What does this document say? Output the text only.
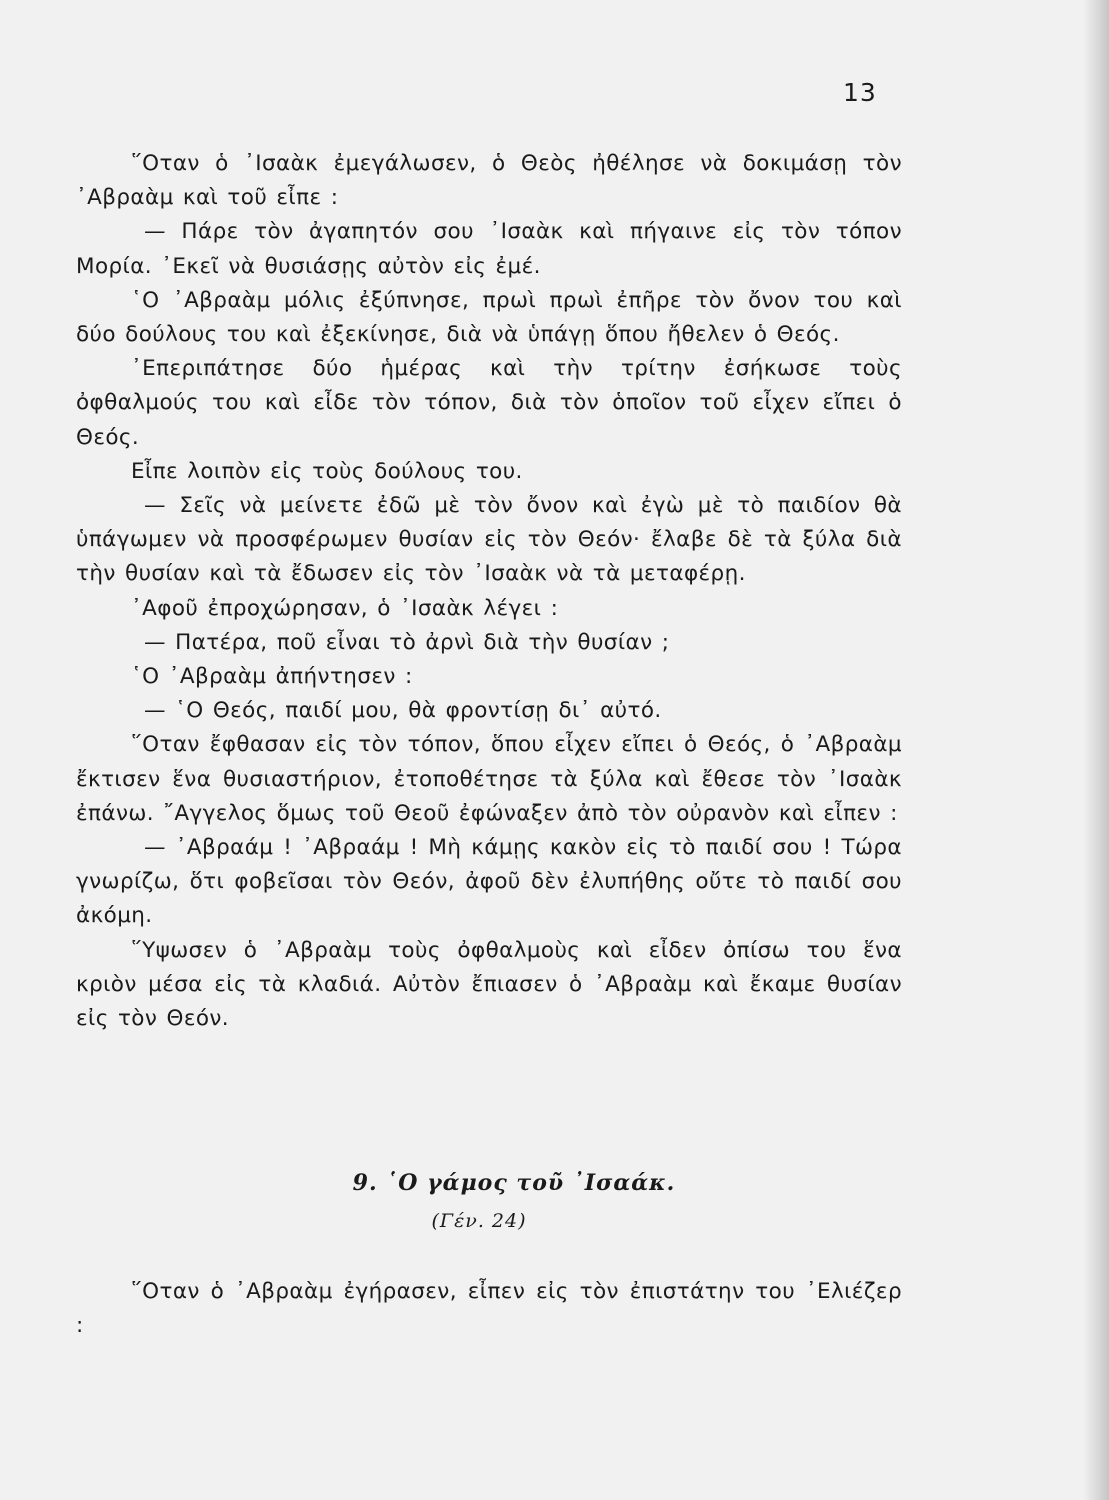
13

῞Οταν ὁ ᾿Ισαὰκ ἐμεγάλωσεν, ὁ Θεὸς ἠθέλησε νὰ δοκιμάσῃ τὸν ᾿Αβραὰμ καὶ τοῦ εἶπε :

— Πάρε τὸν ἀγαπητόν σου ᾿Ισαὰκ καὶ πήγαινε εἰς τὸν τόπον Μορία. ᾿Εκεῖ νὰ θυσιάσῃς αὐτὸν εἰς ἐμέ.

῾Ο ᾿Αβραὰμ μόλις ἐξύπνησε, πρωὶ πρωὶ ἐπῆρε τὸν ὄνον του καὶ δύο δούλους του καὶ ἐξεκίνησε, διὰ νὰ ὑπάγῃ ὅπου ἤθελεν ὁ Θεός.

᾿Επεριπάτησε δύο ἡμέρας καὶ τὴν τρίτην ἐσήκωσε τοὺς ὀφθαλμούς του καὶ εἶδε τὸν τόπον, διὰ τὸν ὁποῖον τοῦ εἶχεν εἴπει ὁ Θεός.

Εἶπε λοιπὸν εἰς τοὺς δούλους του.

— Σεῖς νὰ μείνετε ἐδῶ μὲ τὸν ὄνον καὶ ἐγὼ μὲ τὸ παιδίον θὰ ὑπάγωμεν νὰ προσφέρωμεν θυσίαν εἰς τὸν Θεόν· ἔλαβε δὲ τὰ ξύλα διὰ τὴν θυσίαν καὶ τὰ ἔδωσεν εἰς τὸν ᾿Ισαὰκ νὰ τὰ μεταφέρῃ.

᾿Αφοῦ ἐπροχώρησαν, ὁ ᾿Ισαὰκ λέγει :

— Πατέρα, ποῦ εἶναι τὸ ἀρνὶ διὰ τὴν θυσίαν ;

῾Ο ᾿Αβραὰμ ἀπήντησεν :

— ῾Ο Θεός, παιδί μου, θὰ φροντίσῃ δι᾿ αὐτό.

῞Οταν ἔφθασαν εἰς τὸν τόπον, ὅπου εἶχεν εἴπει ὁ Θεός, ὁ ᾿Αβραὰμ ἔκτισεν ἕνα θυσιαστήριον, ἐτοποθέτησε τὰ ξύλα καὶ ἔθεσε τὸν ᾿Ισαὰκ ἐπάνω. ῎Αγγελος ὅμως τοῦ Θεοῦ ἐφώναξεν ἀπὸ τὸν οὐρανὸν καὶ εἶπεν :

— ᾿Αβραάμ ! ᾿Αβραάμ ! Μὴ κάμῃς κακὸν εἰς τὸ παιδί σου ! Τώρα γνωρίζω, ὅτι φοβεῖσαι τὸν Θεόν, ἀφοῦ δὲν ἐλυπήθης οὔτε τὸ παιδί σου ἀκόμη.

῞Υψωσεν ὁ ᾿Αβραὰμ τοὺς ὀφθαλμοὺς καὶ εἶδεν ὀπίσω του ἕνα κριὸν μέσα εἰς τὰ κλαδιά. Αὐτὸν ἔπιασεν ὁ ᾿Αβραὰμ καὶ ἔκαμε θυσίαν εἰς τὸν Θεόν.

9. ῾Ο γάμος τοῦ ᾿Ισαάκ.
(Γέν. 24)

῞Οταν ὁ ᾿Αβραὰμ ἐγήρασεν, εἶπεν εἰς τὸν ἐπιστάτην του ᾿Ελιέζερ :
